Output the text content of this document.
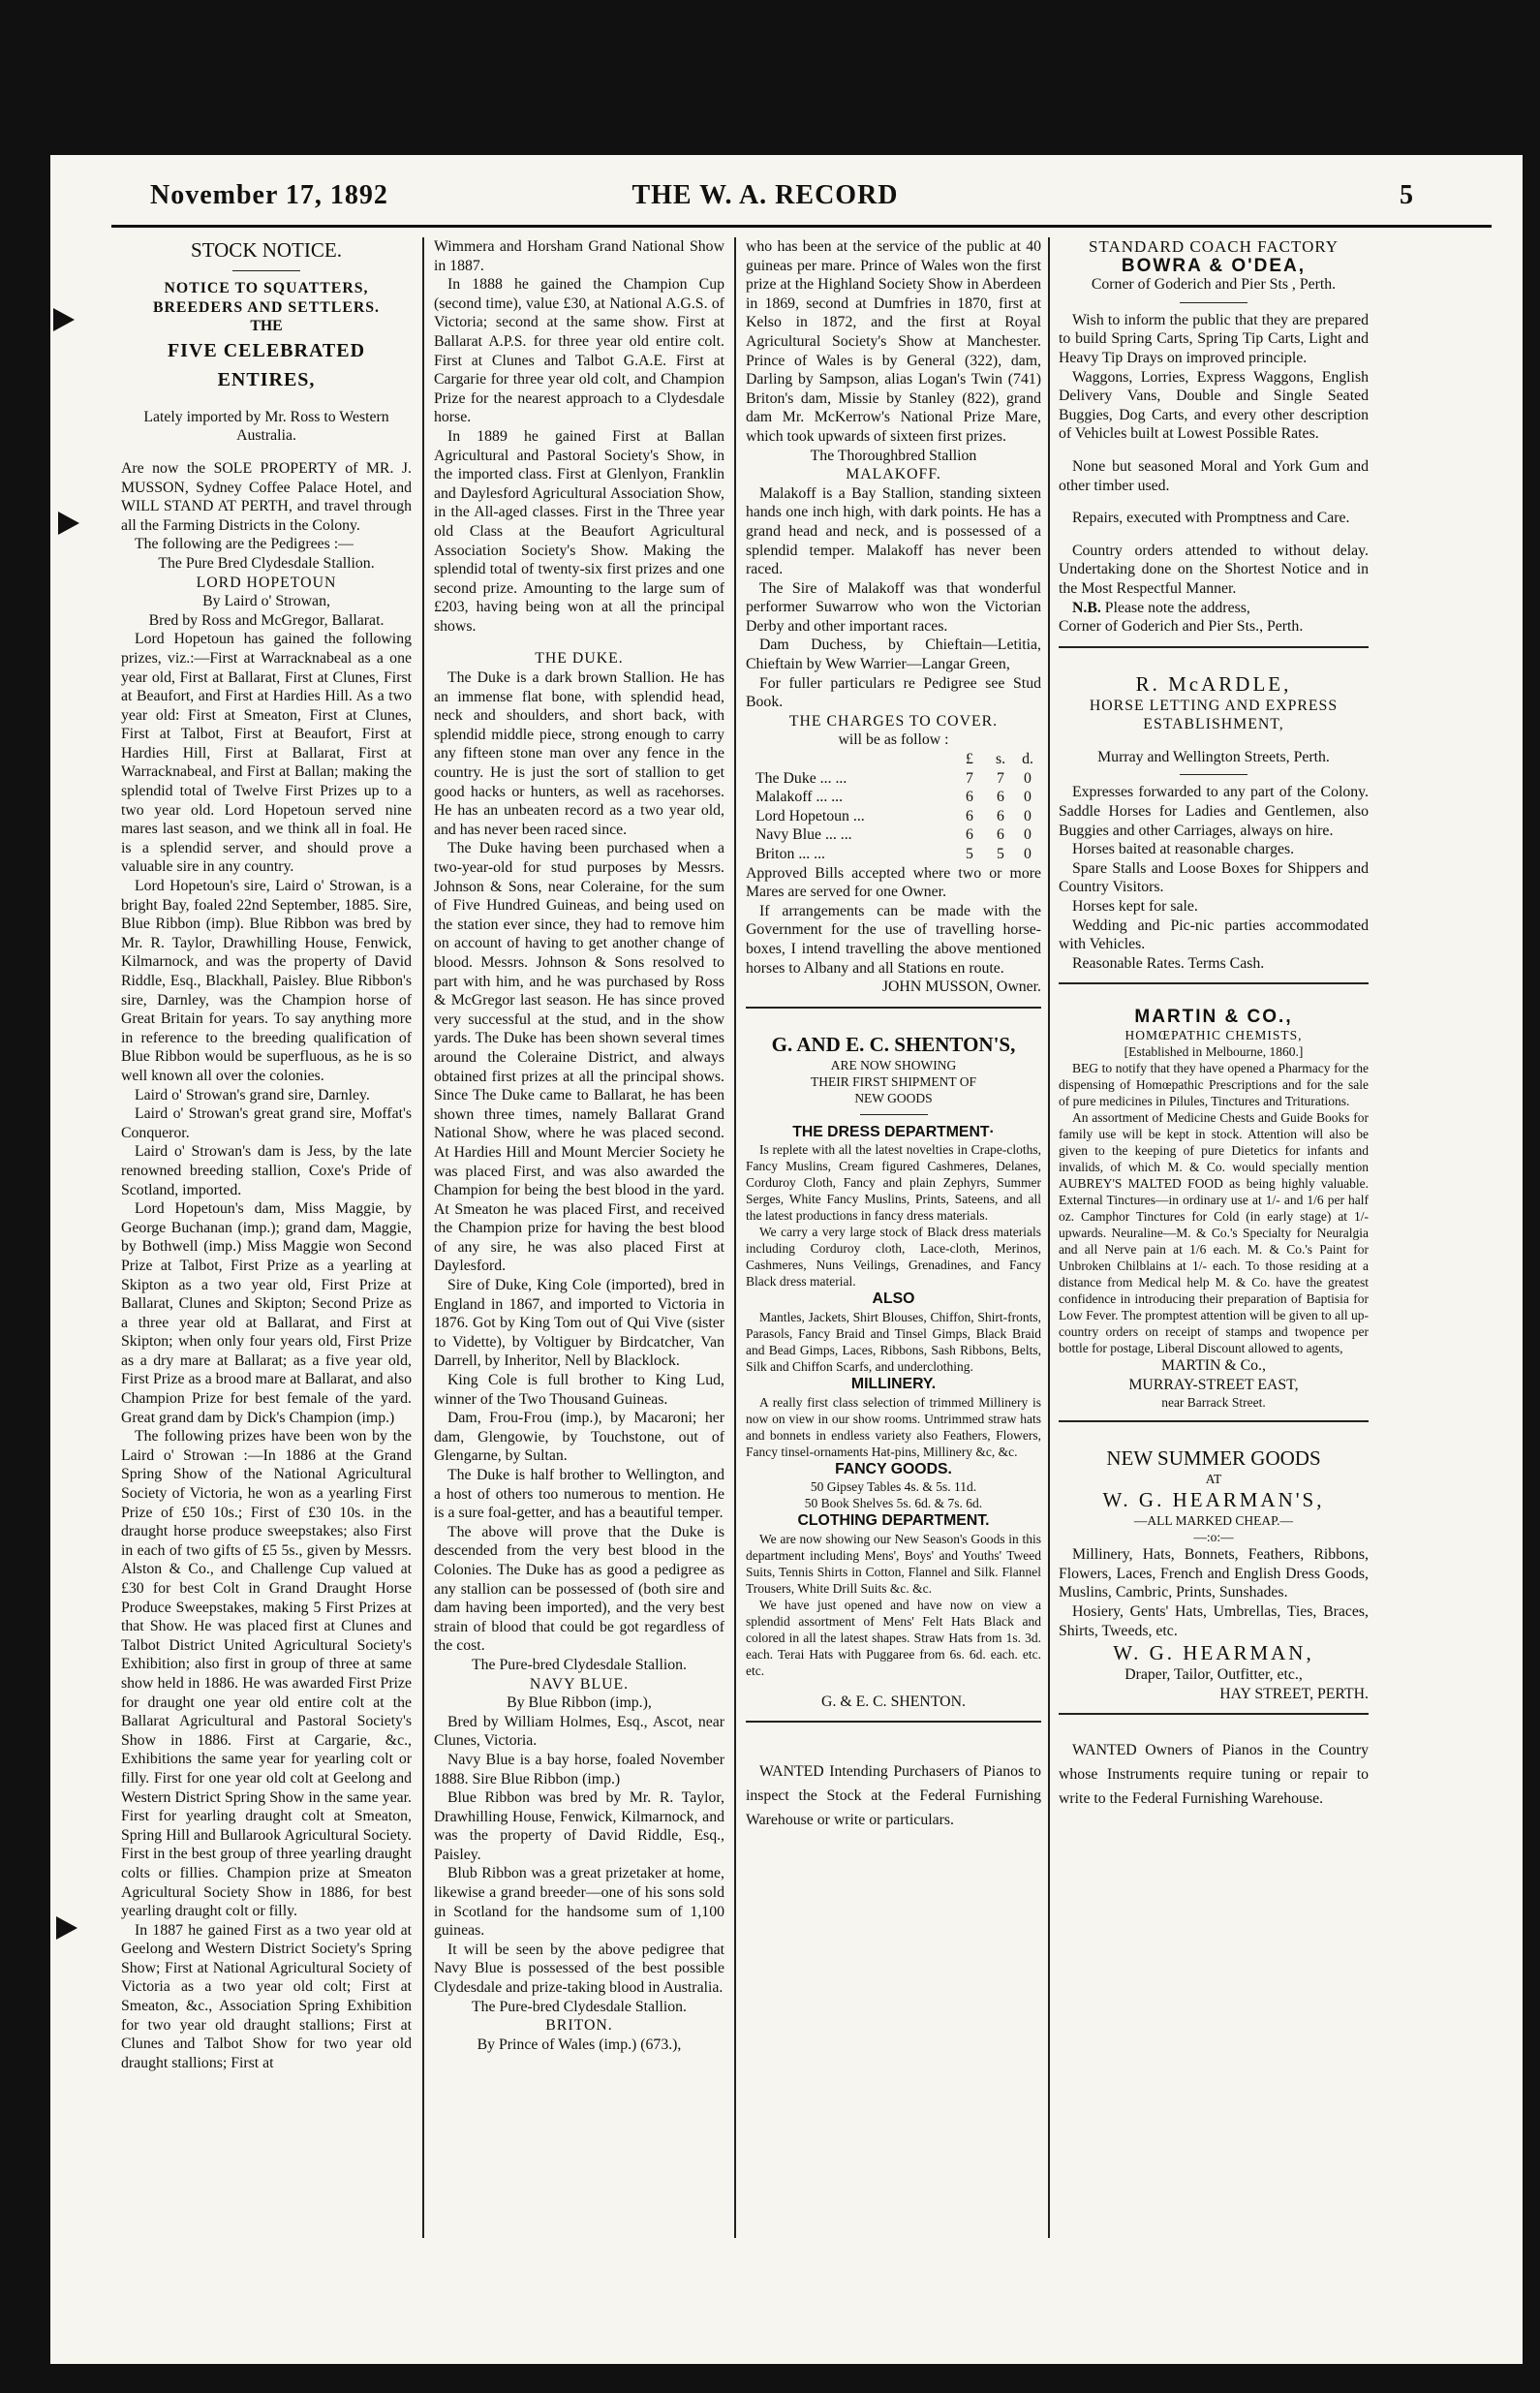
November 17, 1892	THE W. A. RECORD	5

STOCK NOTICE.

NOTICE TO SQUATTERS, BREEDERS AND SETTLERS.

THE

FIVE CELEBRATED ENTIRES,

Lately imported by Mr. Ross to Western Australia.

Are now the SOLE PROPERTY of MR. J. MUSSON, Sydney Coffee Palace Hotel, and WILL STAND AT PERTH, and travel through all the Farming Districts in the Colony.

The following are the Pedigrees :—

The Pure Bred Clydesdale Stallion.

LORD HOPETOUN

By Laird o' Strowan,

Bred by Ross and McGregor, Ballarat.

Lord Hopetoun has gained the following prizes, viz.:—First at Warracknabeal as a one year old, First at Ballarat, First at Clunes, First at Beaufort, and First at Hardies Hill. As a two year old: First at Smeaton, First at Clunes, First at Talbot, First at Beaufort, First at Hardies Hill, First at Ballarat, First at Warracknabeal, and First at Ballan; making the splendid total of Twelve First Prizes up to a two year old. Lord Hopetoun served nine mares last season, and we think all in foal. He is a splendid server, and should prove a valuable sire in any country.

Lord Hopetoun's sire, Laird o' Strowan, is a bright Bay, foaled 22nd September, 1885. Sire, Blue Ribbon (imp). Blue Ribbon was bred by Mr. R. Taylor, Drawhilling House, Fenwick, Kilmarnock, and was the property of David Riddle, Esq., Blackhall, Paisley. Blue Ribbon's sire, Darnley, was the Champion horse of Great Britain for years. To say anything more in reference to the breeding qualification of Blue Ribbon would be superfluous, as he is so well known all over the colonies.

Laird o' Strowan's grand sire, Darnley.

Laird o' Strowan's great grand sire, Moffat's Conqueror.

Laird o' Strowan's dam is Jess, by the late renowned breeding stallion, Coxe's Pride of Scotland, imported.

Lord Hopetoun's dam, Miss Maggie, by George Buchanan (imp.); grand dam, Maggie, by Bothwell (imp.) Miss Maggie won Second Prize at Talbot, First Prize as a yearling at Skipton as a two year old, First Prize at Ballarat, Clunes and Skipton; Second Prize as a three year old at Ballarat, and First at Skipton; when only four years old, First Prize as a dry mare at Ballarat; as a five year old, First Prize as a brood mare at Ballarat, and also Champion Prize for best female of the yard. Great grand dam by Dick's Champion (imp.)

The following prizes have been won by the Laird o' Strowan :—In 1886 at the Grand Spring Show of the National Agricultural Society of Victoria, he won as a yearling First Prize of £50 10s.; First of £30 10s. in the draught horse produce sweepstakes; also First in each of two gifts of £5 5s., given by Messrs. Alston & Co., and Challenge Cup valued at £30 for best Colt in Grand Draught Horse Produce Sweepstakes, making 5 First Prizes at that Show. He was placed first at Clunes and Talbot District United Agricultural Society's Exhibition; also first in group of three at same show held in 1886. He was awarded First Prize for draught one year old entire colt at the Ballarat Agricultural and Pastoral Society's Show in 1886. First at Cargarie, &c., Exhibitions the same year for yearling colt or filly. First for one year old colt at Geelong and Western District Spring Show in the same year. First for yearling draught colt at Smeaton, Spring Hill and Bullarook Agricultural Society. First in the best group of three yearling draught colts or fillies. Champion prize at Smeaton Agricultural Society Show in 1886, for best yearling draught colt or filly.

In 1887 he gained First as a two year old at Geelong and Western District Society's Spring Show; First at National Agricultural Society of Victoria as a two year old colt; First at Smeaton, &c., Association Spring Exhibition for two year old draught stallions; First at Clunes and Talbot Show for two year old draught stallions; First at

Wimmera and Horsham Grand National Show in 1887.

In 1888 he gained the Champion Cup (second time), value £30, at National A.G.S. of Victoria; second at the same show. First at Ballarat A.P.S. for three year old entire colt. First at Clunes and Talbot G.A.E. First at Cargarie for three year old colt, and Champion Prize for the nearest approach to a Clydesdale horse.

In 1889 he gained First at Ballan Agricultural and Pastoral Society's Show, in the imported class. First at Glenlyon, Franklin and Daylesford Agricultural Association Show, in the All-aged classes. First in the Three year old Class at the Beaufort Agricultural Association Society's Show. Making the splendid total of twenty-six first prizes and one second prize. Amounting to the large sum of £203, having being won at all the principal shows.

THE DUKE.

The Duke is a dark brown Stallion. He has an immense flat bone, with splendid head, neck and shoulders, and short back, with splendid middle piece, strong enough to carry any fifteen stone man over any fence in the country. He is just the sort of stallion to get good hacks or hunters, as well as racehorses. He has an unbeaten record as a two year old, and has never been raced since.

The Duke having been purchased when a two-year-old for stud purposes by Messrs. Johnson & Sons, near Coleraine, for the sum of Five Hundred Guineas, and being used on the station ever since, they had to remove him on account of having to get another change of blood. Messrs. Johnson & Sons resolved to part with him, and he was purchased by Ross & McGregor last season. He has since proved very successful at the stud, and in the show yards. The Duke has been shown several times around the Coleraine District, and always obtained first prizes at all the principal shows. Since The Duke came to Ballarat, he has been shown three times, namely Ballarat Grand National Show, where he was placed second. At Hardies Hill and Mount Mercier Society he was placed First, and was also awarded the Champion for being the best blood in the yard. At Smeaton he was placed First, and received the Champion prize for having the best blood of any sire, he was also placed First at Daylesford.

Sire of Duke, King Cole (imported), bred in England in 1867, and imported to Victoria in 1876. Got by King Tom out of Qui Vive (sister to Vidette), by Voltiguer by Birdcatcher, Van Darrell, by Inheritor, Nell by Blacklock.

King Cole is full brother to King Lud, winner of the Two Thousand Guineas.

Dam, Frou-Frou (imp.), by Macaroni; her dam, Glengowie, by Touchstone, out of Glengarne, by Sultan.

The Duke is half brother to Wellington, and a host of others too numerous to mention. He is a sure foal-getter, and has a beautiful temper.

The above will prove that the Duke is descended from the very best blood in the Colonies. The Duke has as good a pedigree as any stallion can be possessed of (both sire and dam having been imported), and the very best strain of blood that could be got regardless of the cost.

The Pure-bred Clydesdale Stallion.

NAVY BLUE.

By Blue Ribbon (imp.),

Bred by William Holmes, Esq., Ascot, near Clunes, Victoria.

Navy Blue is a bay horse, foaled November 1888. Sire Blue Ribbon (imp.)

Blue Ribbon was bred by Mr. R. Taylor, Drawhilling House, Fenwick, Kilmarnock, and was the property of David Riddle, Esq., Paisley.

Blub Ribbon was a great prizetaker at home, likewise a grand breeder—one of his sons sold in Scotland for the handsome sum of 1,100 guineas.

It will be seen by the above pedigree that Navy Blue is possessed of the best possible Clydesdale and prize-taking blood in Australia.

The Pure-bred Clydesdale Stallion.

BRITON.

By Prince of Wales (imp.) (673.),

who has been at the service of the public at 40 guineas per mare. Prince of Wales won the first prize at the Highland Society Show in Aberdeen in 1869, second at Dumfries in 1870, first at Kelso in 1872, and the first at Royal Agricultural Society's Show at Manchester. Prince of Wales is by General (322), dam, Darling by Sampson, alias Logan's Twin (741) Briton's dam, Missie by Stanley (822), grand dam Mr. McKerrow's National Prize Mare, which took upwards of sixteen first prizes.

The Thoroughbred Stallion

MALAKOFF.

Malakoff is a Bay Stallion, standing sixteen hands one inch high, with dark points. He has a grand head and neck, and is possessed of a splendid temper. Malakoff has never been raced.

The Sire of Malakoff was that wonderful performer Suwarrow who won the Victorian Derby and other important races.

Dam Duchess, by Chieftain—Letitia, Chieftain by Wew Warrier—Langar Green,

For fuller particulars re Pedigree see Stud Book.

THE CHARGES TO COVER.

will be as follow :

£	s.	d.
The Duke ... ...	7	7	0
Malakoff ... ...	6	6	0
Lord Hopetoun ...	6	6	0
Navy Blue ... ...	6	6	0
Briton ... ...	5	5	0

Approved Bills accepted where two or more Mares are served for one Owner.

If arrangements can be made with the Government for the use of travelling horse-boxes, I intend travelling the above mentioned horses to Albany and all Stations en route.

JOHN MUSSON, Owner.

G. AND E. C. SHENTON'S,

ARE NOW SHOWING

THEIR FIRST SHIPMENT OF

NEW GOODS

THE DRESS DEPARTMENT·

Is replete with all the latest novelties in Crape-cloths, Fancy Muslins, Cream figured Cashmeres, Delanes, Corduroy Cloth, Fancy and plain Zephyrs, Summer Serges, White Fancy Muslins, Prints, Sateens, and all the latest productions in fancy dress materials.

We carry a very large stock of Black dress materials including Corduroy cloth, Lace-cloth, Merinos, Cashmeres, Nuns Veilings, Grenadines, and Fancy Black dress material.

ALSO

Mantles, Jackets, Shirt Blouses, Chiffon, Shirt-fronts, Parasols, Fancy Braid and Tinsel Gimps, Black Braid and Bead Gimps, Laces, Ribbons, Sash Ribbons, Belts, Silk and Chiffon Scarfs, and underclothing.

MILLINERY.

A really first class selection of trimmed Millinery is now on view in our show rooms. Untrimmed straw hats and bonnets in endless variety also Feathers, Flowers, Fancy tinsel-ornaments Hat-pins, Millinery &c, &c.

FANCY GOODS.

50 Gipsey Tables 4s. & 5s. 11d.

50 Book Shelves 5s. 6d. & 7s. 6d.

CLOTHING DEPARTMENT.

We are now showing our New Season's Goods in this department including Mens', Boys' and Youths' Tweed Suits, Tennis Shirts in Cotton, Flannel and Silk. Flannel Trousers, White Drill Suits &c. &c.

We have just opened and have now on view a splendid assortment of Mens' Felt Hats Black and colored in all the latest shapes. Straw Hats from 1s. 3d. each. Terai Hats with Puggaree from 6s. 6d. each. etc. etc.

G. & E. C. SHENTON.

WANTED Intending Purchasers of Pianos to inspect the Stock at the Federal Furnishing Warehouse or write or particulars.

STANDARD COACH FACTORY

BOWRA & O'DEA,

Corner of Goderich and Pier Sts , Perth.

Wish to inform the public that they are prepared to build Spring Carts, Spring Tip Carts, Light and Heavy Tip Drays on improved principle.

Waggons, Lorries, Express Waggons, English Delivery Vans, Double and Single Seated Buggies, Dog Carts, and every other description of Vehicles built at Lowest Possible Rates.

None but seasoned Moral and York Gum and other timber used.

Repairs, executed with Promptness and Care.

Country orders attended to without delay. Undertaking done on the Shortest Notice and in the Most Respectful Manner.

N.B. Please note the address,

Corner of Goderich and Pier Sts., Perth.

R. McARDLE,

HORSE LETTING AND EXPRESS

ESTABLISHMENT,

Murray and Wellington Streets, Perth.

Expresses forwarded to any part of the Colony. Saddle Horses for Ladies and Gentlemen, also Buggies and other Carriages, always on hire.

Horses baited at reasonable charges.

Spare Stalls and Loose Boxes for Shippers and Country Visitors.

Horses kept for sale.

Wedding and Pic-nic parties accommodated with Vehicles.

Reasonable Rates. Terms Cash.

MARTIN & CO.,

HOMŒPATHIC CHEMISTS,

[Established in Melbourne, 1860.]

BEG to notify that they have opened a Pharmacy for the dispensing of Homœpathic Prescriptions and for the sale of pure medicines in Pilules, Tinctures and Triturations.

An assortment of Medicine Chests and Guide Books for family use will be kept in stock. Attention will also be given to the keeping of pure Dietetics for infants and invalids, of which M. & Co. would specially mention AUBREY'S MALTED FOOD as being highly valuable. External Tinctures—in ordinary use at 1/- and 1/6 per half oz. Camphor Tinctures for Cold (in early stage) at 1/- upwards. Neuraline—M. & Co.'s Specialty for Neuralgia and all Nerve pain at 1/6 each. M. & Co.'s Paint for Unbroken Chilblains at 1/- each. To those residing at a distance from Medical help M. & Co. have the greatest confidence in introducing their preparation of Baptisia for Low Fever. The promptest attention will be given to all up-country orders on receipt of stamps and twopence per bottle for postage, Liberal Discount allowed to agents,

MARTIN & Co.,

MURRAY-STREET EAST,

near Barrack Street.

NEW SUMMER GOODS

AT

W. G. HEARMAN'S,

—ALL MARKED CHEAP.—

—:o:—

Millinery, Hats, Bonnets, Feathers, Ribbons, Flowers, Laces, French and English Dress Goods, Muslins, Cambric, Prints, Sunshades.

Hosiery, Gents' Hats, Umbrellas, Ties, Braces, Shirts, Tweeds, etc.

W. G. HEARMAN,

Draper, Tailor, Outfitter, etc.,

HAY STREET, PERTH.

WANTED Owners of Pianos in the Country whose Instruments require tuning or repair to write to the Federal Furnishing Warehouse.
